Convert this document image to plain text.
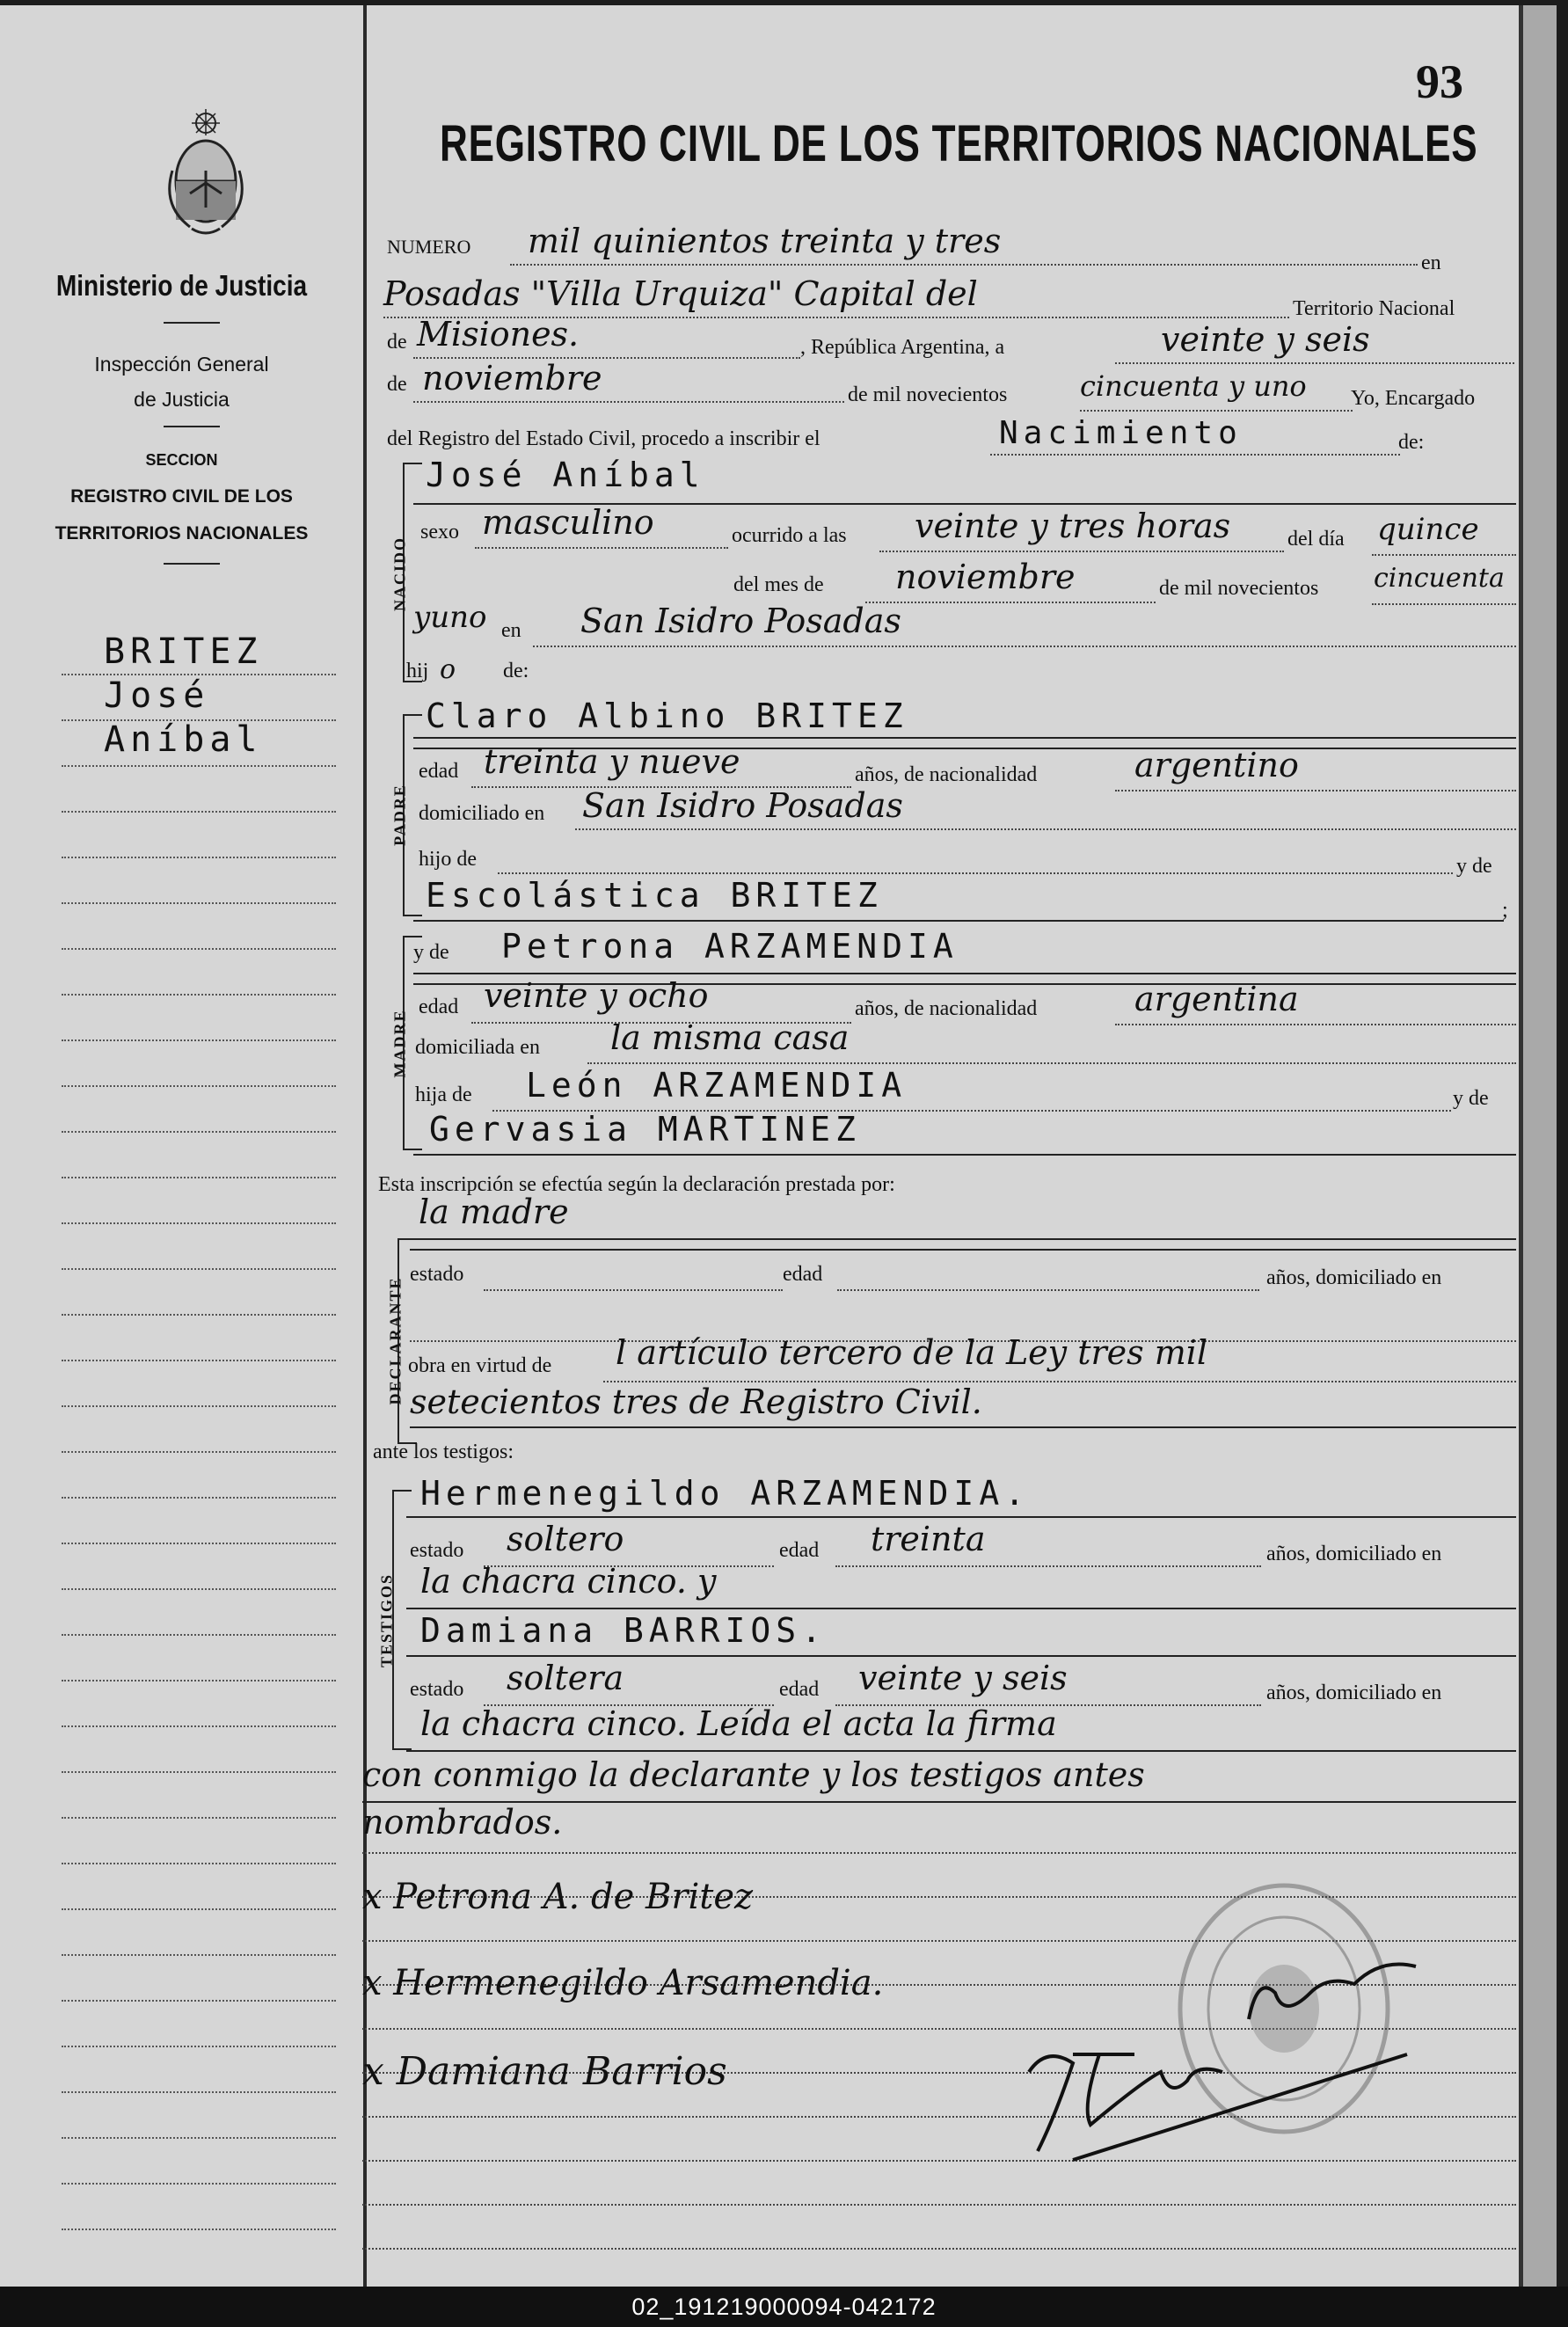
Ministerio de Justicia
Inspección General
de Justicia
SECCION
REGISTRO CIVIL DE LOS
TERRITORIOS NACIONALES
BRITEZ
José
Aníbal
93
REGISTRO CIVIL DE LOS TERRITORIOS NACIONALES
NUMERO mil quinientos treinta y tres
en
Posadas "Villa Urquiza" Capital del	Territorio Nacional
de Misiones.	, República Argentina, a	veinte y seis
de noviembre	de mil novecientos	cincuenta y uno Yo, Encargado
del Registro del Estado Civil, procedo a inscribir el	Nacimiento	de:
NACIDO
José Aníbal
sexo masculino	ocurrido a las veinte y tres horas	del día quince
del mes de noviembre	de mil novecientos cincuenta
yuno en San Isidro Posadas
hij o de:
PADRE
Claro Albino BRITEZ
edad treinta y nueve	años, de nacionalidad	argentino
domiciliado en San Isidro Posadas
hijo de	y de
Escolástica BRITEZ	;
MADRE
y de Petrona ARZAMENDIA
edad veinte y ocho	años, de nacionalidad	argentina
domiciliada en la misma casa
hija de León ARZAMENDIA	y de
Gervasia MARTINEZ
Esta inscripción se efectúa según la declaración prestada por:
DECLARANTE
la madre
estado	edad	años, domiciliado en
obra en virtud de l artículo tercero de la Ley tres mil
setecientos tres de Registro Civil.
ante los testigos:
TESTIGOS
Hermenegildo ARZAMENDIA.
estado soltero	edad treinta	años, domiciliado en
la chacra cinco. y
Damiana BARRIOS.
estado soltera	edad veinte y seis	años, domiciliado en
la chacra cinco. Leída el acta la firma
con conmigo la declarante y los testigos antes
nombrados.
x Petrona A. de Britez
x Hermenegildo Arsamendia.
x Damiana Barrios
02_191219000094-042172
